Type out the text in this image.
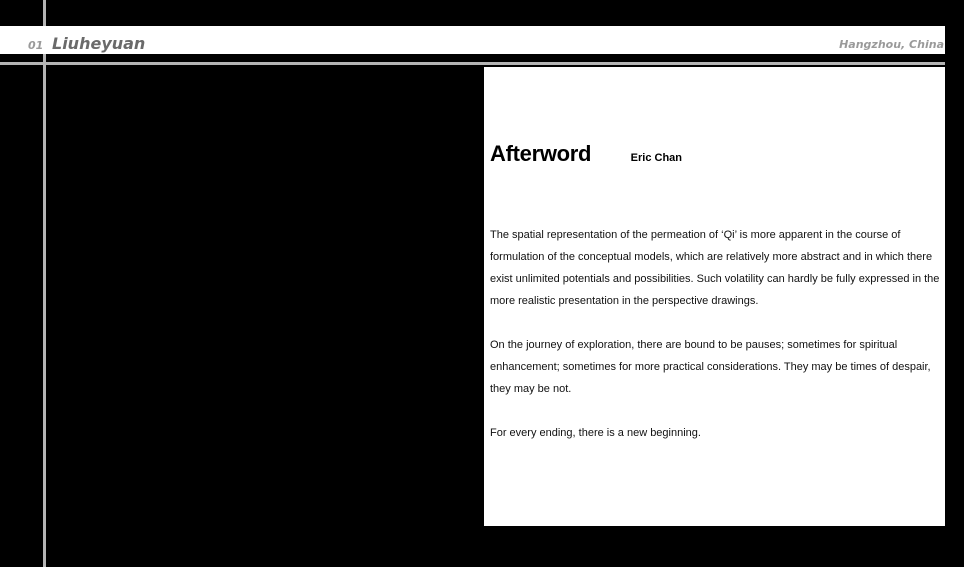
01 Liuheyuan	Hangzhou, China
Afterword	Eric Chan

The spatial representation of the permeation of ‘Qi’ is more apparent in the course of formulation of the conceptual models, which are relatively more abstract and in which there exist unlimited potentials and possibilities. Such volatility can hardly be fully expressed in the more realistic presentation in the perspective drawings.

On the journey of exploration, there are bound to be pauses; sometimes for spiritual enhancement; sometimes for more practical considerations. They may be times of despair, they may be not.

For every ending, there is a new beginning.
